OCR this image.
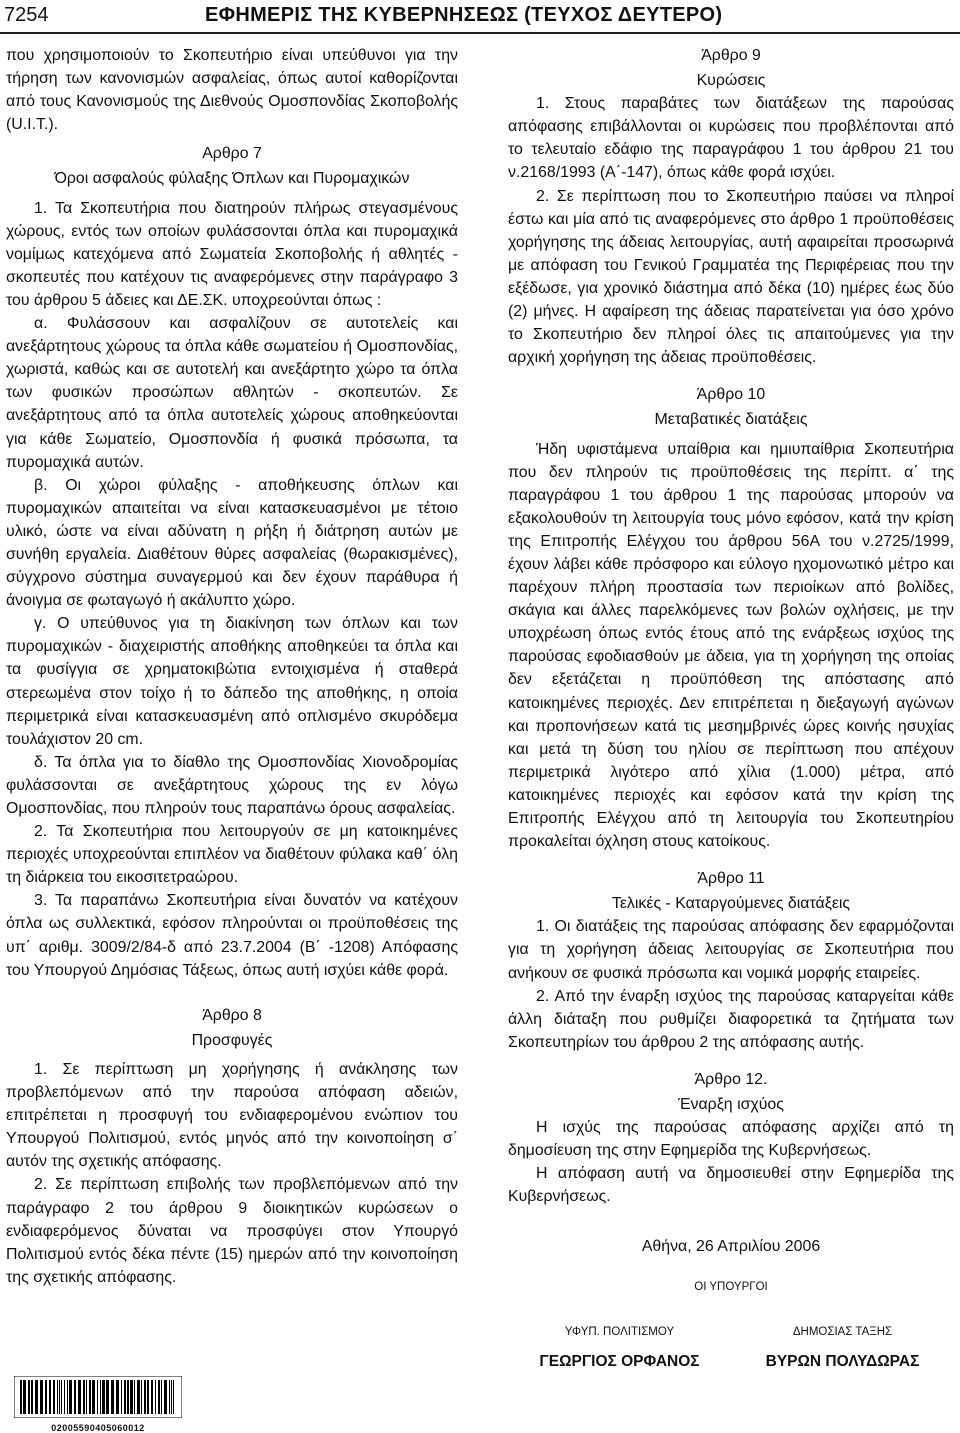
7254	ΕΦΗΜΕΡΙΣ ΤΗΣ ΚΥΒΕΡΝΗΣΕΩΣ (ΤΕΥΧΟΣ ΔΕΥΤΕΡΟ)

που χρησιμοποιούν το Σκοπευτήριο είναι υπεύθυνοι για την τήρηση των κανονισμών ασφαλείας, όπως αυτοί καθορίζονται από τους Κανονισμούς της Διεθνούς Ομοσπονδίας Σκοποβολής (U.I.T.).

Αρθρο 7
Όροι ασφαλούς φύλαξης Όπλων και Πυρομαχικών

1. Τα Σκοπευτήρια που διατηρούν πλήρως στεγασμένους χώρους, εντός των οποίων φυλάσσονται όπλα και πυρομαχικά νομίμως κατεχόμενα από Σωματεία Σκοποβολής ή αθλητές - σκοπευτές που κατέχουν τις αναφερόμενες στην παράγραφο 3 του άρθρου 5 άδειες και ΔΕ.ΣΚ. υποχρεούνται όπως :

α. Φυλάσσουν και ασφαλίζουν σε αυτοτελείς και ανεξάρτητους χώρους τα όπλα κάθε σωματείου ή Ομοσπονδίας, χωριστά, καθώς και σε αυτοτελή και ανεξάρτητο χώρο τα όπλα των φυσικών προσώπων αθλητών - σκοπευτών. Σε ανεξάρτητους από τα όπλα αυτοτελείς χώρους αποθηκεύονται για κάθε Σωματείο, Ομοσπονδία ή φυσικά πρόσωπα, τα πυρομαχικά αυτών.

β. Οι χώροι φύλαξης - αποθήκευσης όπλων και πυρομαχικών απαιτείται να είναι κατασκευασμένοι με τέτοιο υλικό, ώστε να είναι αδύνατη η ρήξη ή διάτρηση αυτών με συνήθη εργαλεία. Διαθέτουν θύρες ασφαλείας (θωρακισμένες), σύγχρονο σύστημα συναγερμού και δεν έχουν παράθυρα ή άνοιγμα σε φωταγωγό ή ακάλυπτο χώρο.

γ. Ο υπεύθυνος για τη διακίνηση των όπλων και των πυρομαχικών - διαχειριστής αποθήκης αποθηκεύει τα όπλα και τα φυσίγγια σε χρηματοκιβώτια εντοιχισμένα ή σταθερά στερεωμένα στον τοίχο ή το δάπεδο της αποθήκης, η οποία περιμετρικά είναι κατασκευασμένη από οπλισμένο σκυρόδεμα τουλάχιστον 20 cm.

δ. Τα όπλα για το δίαθλο της Ομοσπονδίας Χιονοδρομίας φυλάσσονται σε ανεξάρτητους χώρους της εν λόγω Ομοσπονδίας, που πληρούν τους παραπάνω όρους ασφαλείας.

2. Τα Σκοπευτήρια που λειτουργούν σε μη κατοικημένες περιοχές υποχρεούνται επιπλέον να διαθέτουν φύλακα καθ΄ όλη τη διάρκεια του εικοσιτετραώρου.

3. Τα παραπάνω Σκοπευτήρια είναι δυνατόν να κατέχουν όπλα ως συλλεκτικά, εφόσον πληρούνται οι προϋποθέσεις της υπ΄ αριθμ. 3009/2/84-δ από 23.7.2004 (Β΄ -1208) Απόφασης του Υπουργού Δημόσιας Τάξεως, όπως αυτή ισχύει κάθε φορά.

Άρθρο 8
Προσφυγές

1. Σε περίπτωση μη χορήγησης ή ανάκλησης των προβλεπόμενων από την παρούσα απόφαση αδειών, επιτρέπεται η προσφυγή του ενδιαφερομένου ενώπιον του Υπουργού Πολιτισμού, εντός μηνός από την κοινοποίηση σ΄ αυτόν της σχετικής απόφασης.

2. Σε περίπτωση επιβολής των προβλεπόμενων από την παράγραφο 2 του άρθρου 9 διοικητικών κυρώσεων ο ενδιαφερόμενος δύναται να προσφύγει στον Υπουργό Πολιτισμού εντός δέκα πέντε (15) ημερών από την κοινοποίηση της σχετικής απόφασης.

Άρθρο 9
Κυρώσεις

1. Στους παραβάτες των διατάξεων της παρούσας απόφασης επιβάλλονται οι κυρώσεις που προβλέπονται από το τελευταίο εδάφιο της παραγράφου 1 του άρθρου 21 του ν.2168/1993 (Α΄-147), όπως κάθε φορά ισχύει.

2. Σε περίπτωση που το Σκοπευτήριο παύσει να πληροί έστω και μία από τις αναφερόμενες στο άρθρο 1 προϋποθέσεις χορήγησης της άδειας λειτουργίας, αυτή αφαιρείται προσωρινά με απόφαση του Γενικού Γραμματέα της Περιφέρειας που την εξέδωσε, για χρονικό διάστημα από δέκα (10) ημέρες έως δύο (2) μήνες. Η αφαίρεση της άδειας παρατείνεται για όσο χρόνο το Σκοπευτήριο δεν πληροί όλες τις απαιτούμενες για την αρχική χορήγηση της άδειας προϋποθέσεις.

Άρθρο 10
Μεταβατικές διατάξεις

Ήδη υφιστάμενα υπαίθρια και ημιυπαίθρια Σκοπευτήρια που δεν πληρούν τις προϋποθέσεις της περίπτ. α΄ της παραγράφου 1 του άρθρου 1 της παρούσας μπορούν να εξακολουθούν τη λειτουργία τους μόνο εφόσον, κατά την κρίση της Επιτροπής Ελέγχου του άρθρου 56Α του ν.2725/1999, έχουν λάβει κάθε πρόσφορο και εύλογο ηχομονωτικό μέτρο και παρέχουν πλήρη προστασία των περιοίκων από βολίδες, σκάγια και άλλες παρελκόμενες των βολών οχλήσεις, με την υποχρέωση όπως εντός έτους από της ενάρξεως ισχύος της παρούσας εφοδιασθούν με άδεια, για τη χορήγηση της οποίας δεν εξετάζεται η προϋπόθεση της απόστασης από κατοικημένες περιοχές. Δεν επιτρέπεται η διεξαγωγή αγώνων και προπονήσεων κατά τις μεσημβρινές ώρες κοινής ησυχίας και μετά τη δύση του ηλίου σε περίπτωση που απέχουν περιμετρικά λιγότερο από χίλια (1.000) μέτρα, από κατοικημένες περιοχές και εφόσον κατά την κρίση της Επιτροπής Ελέγχου από τη λειτουργία του Σκοπευτηρίου προκαλείται όχληση στους κατοίκους.

Άρθρο 11
Τελικές - Καταργούμενες διατάξεις

1. Οι διατάξεις της παρούσας απόφασης δεν εφαρμόζονται για τη χορήγηση άδειας λειτουργίας σε Σκοπευτήρια που ανήκουν σε φυσικά πρόσωπα και νομικά μορφής εταιρείες.

2. Από την έναρξη ισχύος της παρούσας καταργείται κάθε άλλη διάταξη που ρυθμίζει διαφορετικά τα ζητήματα των Σκοπευτηρίων του άρθρου 2 της απόφασης αυτής.

Άρθρο 12.
Έναρξη ισχύος

Η ισχύς της παρούσας απόφασης αρχίζει από τη δημοσίευση της στην Εφημερίδα της Κυβερνήσεως.

Η απόφαση αυτή να δημοσιευθεί στην Εφημερίδα της Κυβερνήσεως.

Αθήνα, 26 Απριλίου 2006
ΟΙ ΥΠΟΥΡΓΟΙ
ΥΦΥΠ. ΠΟΛΙΤΙΣΜΟΥ
ΓΕΩΡΓΙΟΣ ΟΡΦΑΝΟΣ
ΔΗΜΟΣΙΑΣ ΤΑΞΗΣ
ΒΥΡΩΝ ΠΟΛΥΔΩΡΑΣ
02005590405060012
